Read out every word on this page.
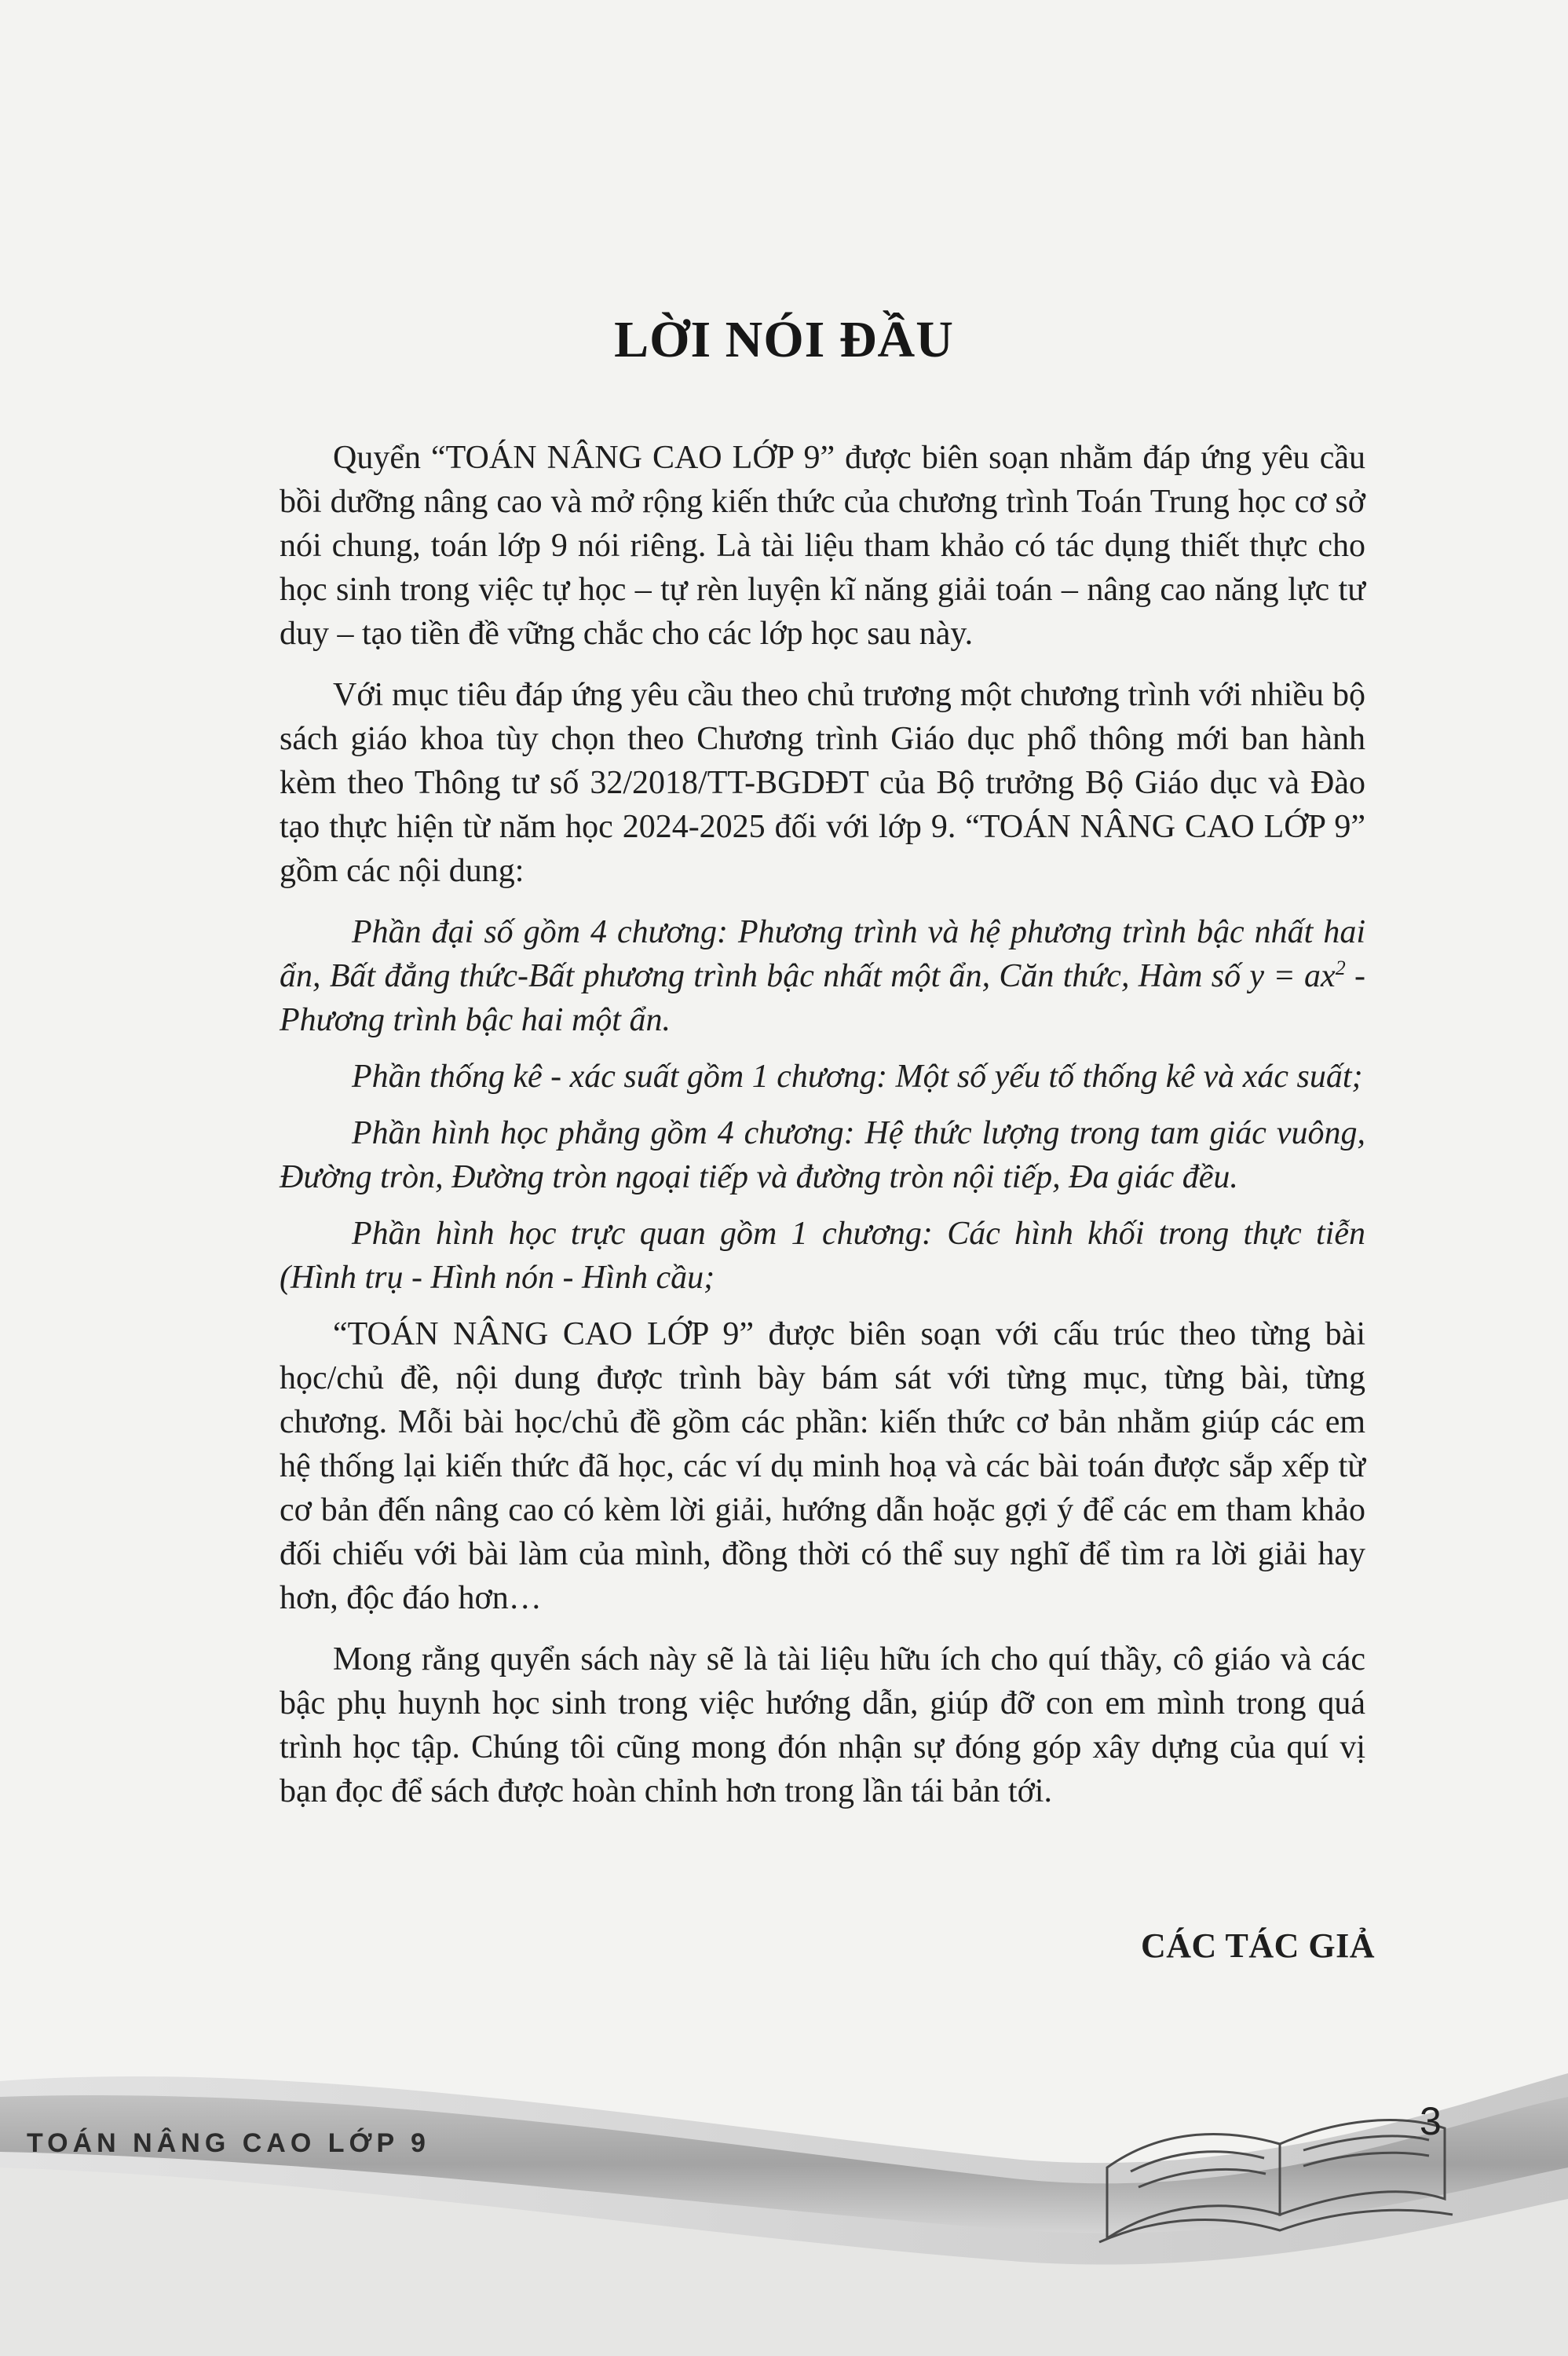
LỜI NÓI ĐẦU

Quyển “TOÁN NÂNG CAO LỚP 9” được biên soạn nhằm đáp ứng yêu cầu bồi dưỡng nâng cao và mở rộng kiến thức của chương trình Toán Trung học cơ sở nói chung, toán lớp 9 nói riêng. Là tài liệu tham khảo có tác dụng thiết thực cho học sinh trong việc tự học – tự rèn luyện kĩ năng giải toán – nâng cao năng lực tư duy – tạo tiền đề vững chắc cho các lớp học sau này.

Với mục tiêu đáp ứng yêu cầu theo chủ trương một chương trình với nhiều bộ sách giáo khoa tùy chọn theo Chương trình Giáo dục phổ thông mới ban hành kèm theo Thông tư số 32/2018/TT-BGDĐT của Bộ trưởng Bộ Giáo dục và Đào tạo thực hiện từ năm học 2024-2025 đối với lớp 9. “TOÁN NÂNG CAO LỚP 9” gồm các nội dung:

Phần đại số gồm 4 chương: Phương trình và hệ phương trình bậc nhất hai ẩn, Bất đẳng thức-Bất phương trình bậc nhất một ẩn, Căn thức, Hàm số $y = ax^2$ - Phương trình bậc hai một ẩn.

Phần thống kê - xác suất gồm 1 chương: Một số yếu tố thống kê và xác suất;

Phần hình học phẳng gồm 4 chương: Hệ thức lượng trong tam giác vuông, Đường tròn, Đường tròn ngoại tiếp và đường tròn nội tiếp, Đa giác đều.

Phần hình học trực quan gồm 1 chương: Các hình khối trong thực tiễn (Hình trụ - Hình nón - Hình cầu;

“TOÁN NÂNG CAO LỚP 9” được biên soạn với cấu trúc theo từng bài học/chủ đề, nội dung được trình bày bám sát với từng mục, từng bài, từng chương. Mỗi bài học/chủ đề gồm các phần: kiến thức cơ bản nhằm giúp các em hệ thống lại kiến thức đã học, các ví dụ minh hoạ và các bài toán được sắp xếp từ cơ bản đến nâng cao có kèm lời giải, hướng dẫn hoặc gợi ý để các em tham khảo đối chiếu với bài làm của mình, đồng thời có thể suy nghĩ để tìm ra lời giải hay hơn, độc đáo hơn…

Mong rằng quyển sách này sẽ là tài liệu hữu ích cho quí thầy, cô giáo và các bậc phụ huynh học sinh trong việc hướng dẫn, giúp đỡ con em mình trong quá trình học tập. Chúng tôi cũng mong đón nhận sự đóng góp xây dựng của quí vị bạn đọc để sách được hoàn chỉnh hơn trong lần tái bản tới.

CÁC TÁC GIẢ
TOÁN NÂNG CAO LỚP 9	3
